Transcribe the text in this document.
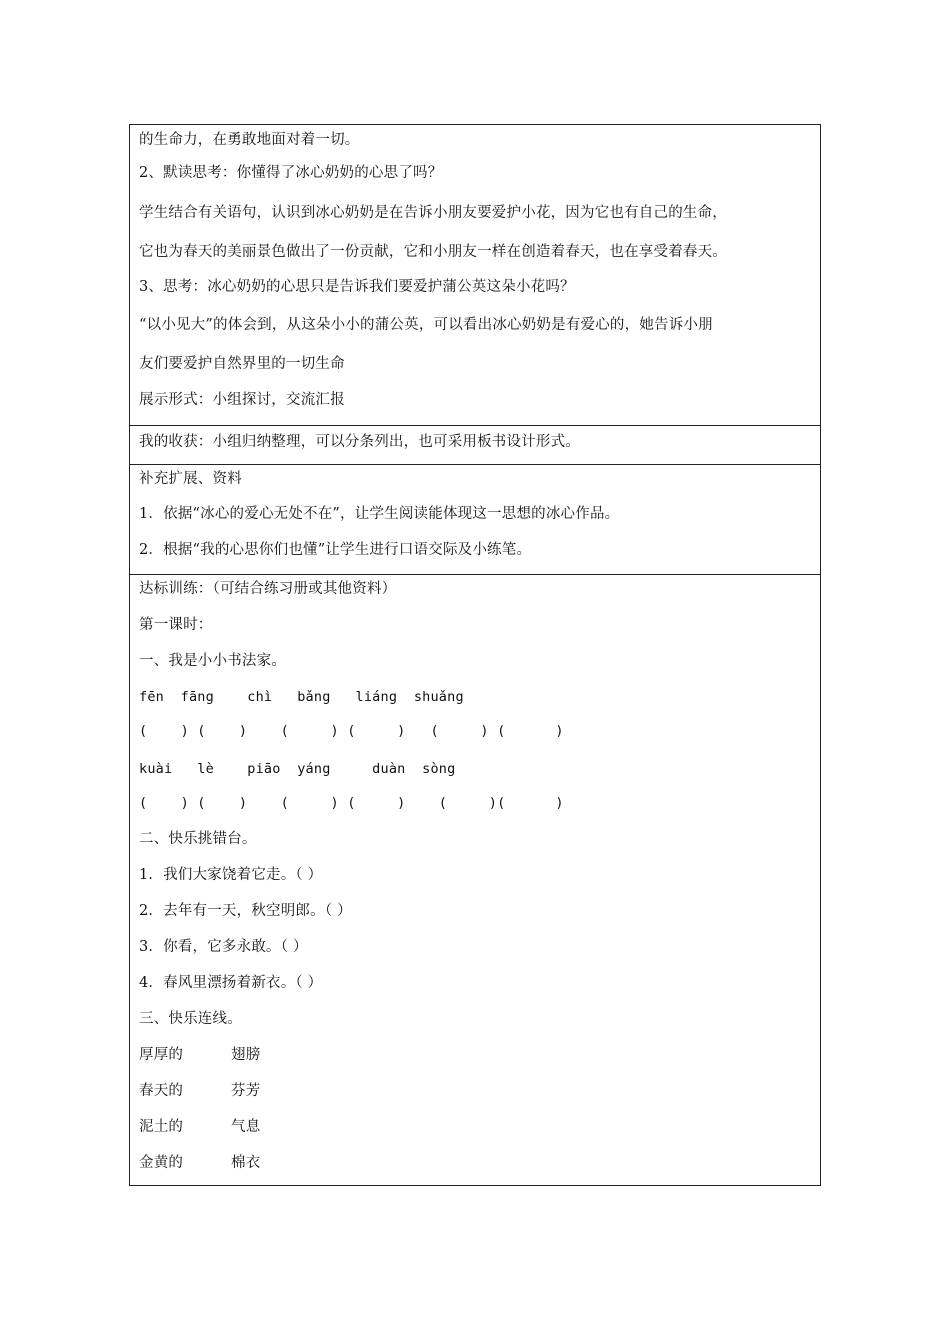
的生命力，在勇敢地面对着一切。
2、默读思考：你懂得了冰心奶奶的心思了吗？
学生结合有关语句，认识到冰心奶奶是在告诉小朋友要爱护小花，因为它也有自己的生命，
它也为春天的美丽景色做出了一份贡献，它和小朋友一样在创造着春天，也在享受着春天。
3、思考：冰心奶奶的心思只是告诉我们要爱护蒲公英这朵小花吗？
“以小见大”的体会到，从这朵小小的蒲公英，可以看出冰心奶奶是有爱心的，她告诉小朋
友们要爱护自然界里的一切生命
展示形式：小组探讨，交流汇报
我的收获：小组归纳整理，可以分条列出，也可采用板书设计形式。
补充扩展、资料
1．依据“冰心的爱心无处不在”，让学生阅读能体现这一思想的冰心作品。
2．根据“我的心思你们也懂”让学生进行口语交际及小练笔。
达标训练：（可结合练习册或其他资料）
第一课时：
一、我是小小书法家。
fēn  fāng    chì   bǎng   liáng  shuǎng
(    ) (    )    (     ) (     )   (     ) (      )
kuài   lè    piāo  yáng     duàn  sòng
(    ) (    )    (     ) (     )    (     )(      )
二、快乐挑错台。
1．我们大家饶着它走。（ ）
2．去年有一天，秋空明郎。（ ）
3．你看，它多永敢。（ ）
4．春风里漂扬着新衣。（ ）
三、快乐连线。
厚厚的	翅膀
春天的	芬芳
泥土的	气息
金黄的	棉衣
